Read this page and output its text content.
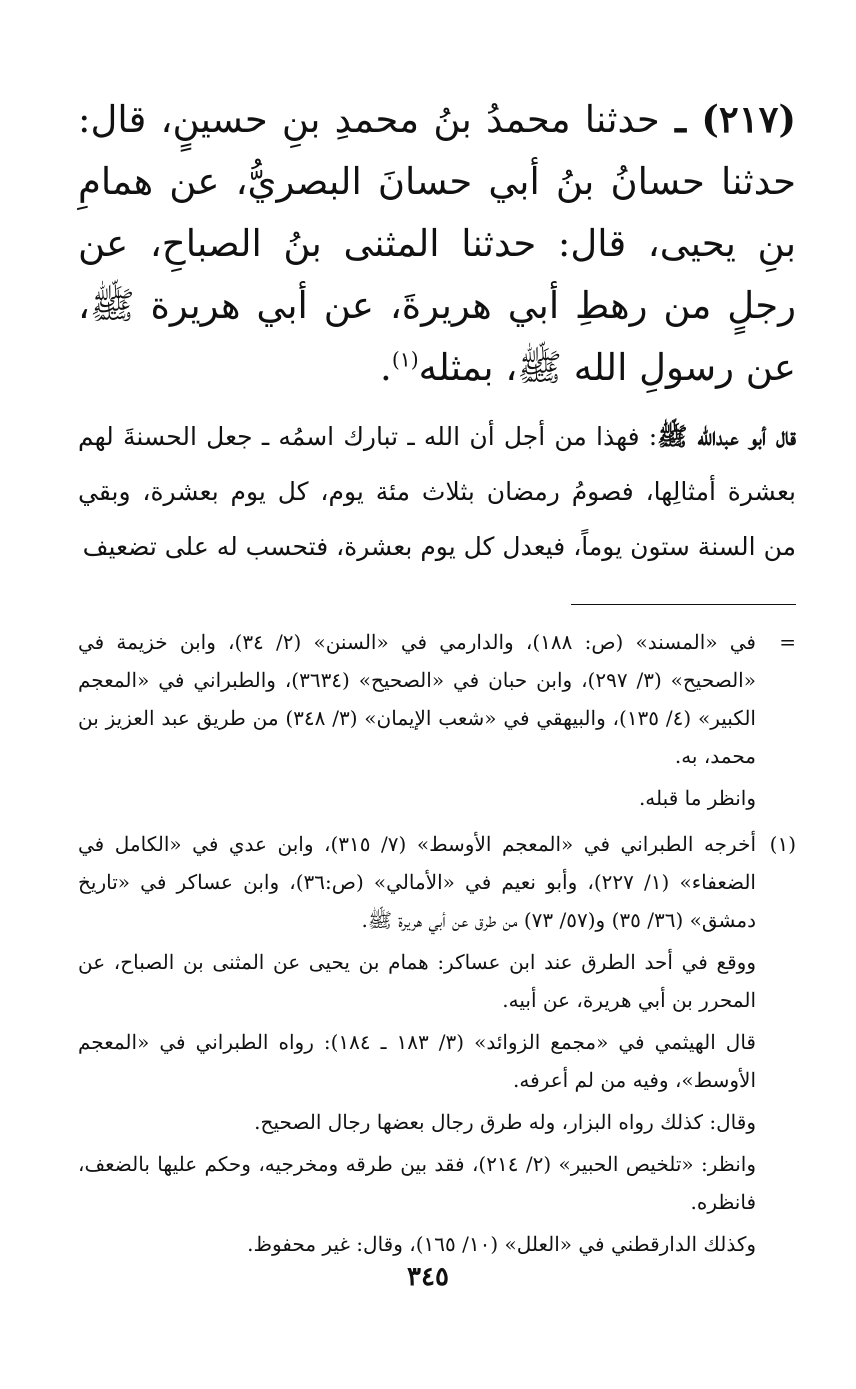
(٢١٧) ـ حدثنا محمدُ بنُ محمدِ بنِ حسينٍ، قال: حدثنا حسانُ بنُ أبي حسانَ البصريُّ، عن همامِ بنِ يحيى، قال: حدثنا المثنى بنُ الصباحِ، عن رجلٍ من رهطِ أبي هريرةَ، عن أبي هريرة ﷺ، عن رسولِ الله ﷺ، بمثله$^{(١)}$.

قال أبو عبدالله ﷺ: فهذا من أجل أن الله ـ تبارك اسمُه ـ جعل الحسنةَ لهم بعشرة أمثالِها، فصومُ رمضان بثلاث مئة يوم، كل يوم بعشرة، وبقي من السنة ستون يوماً، فيعدل كل يوم بعشرة، فتحسب له على تضعيف

=

في «المسند» (ص: ١٨٨)، والدارمي في «السنن» (٢/ ٣٤)، وابن خزيمة في «الصحيح» (٣/ ٢٩٧)، وابن حبان في «الصحيح» (٣٦٣٤)، والطبراني في «المعجم الكبير» (٤/ ١٣٥)، والبيهقي في «شعب الإيمان» (٣/ ٣٤٨) من طريق عبد العزيز بن محمد، به.

وانظر ما قبله.

(١)

أخرجه الطبراني في «المعجم الأوسط» (٧/ ٣١٥)، وابن عدي في «الكامل في الضعفاء» (١/ ٢٢٧)، وأبو نعيم في «الأمالي» (ص:٣٦)، وابن عساكر في «تاريخ دمشق» (٣٦/ ٣٥) و(٥٧/ ٧٣) من طرق عن أبي هريرة ﷺ.

ووقع في أحد الطرق عند ابن عساكر: همام بن يحيى عن المثنى بن الصباح، عن المحرر بن أبي هريرة، عن أبيه.

قال الهيثمي في «مجمع الزوائد» (٣/ ١٨٣ ـ ١٨٤): رواه الطبراني في «المعجم الأوسط»، وفيه من لم أعرفه.

وقال: كذلك رواه البزار، وله طرق رجال بعضها رجال الصحيح.

وانظر: «تلخيص الحبير» (٢/ ٢١٤)، فقد بين طرقه ومخرجيه، وحكم عليها بالضعف، فانظره.

وكذلك الدارقطني في «العلل» (١٠/ ١٦٥)، وقال: غير محفوظ.

٣٤٥
